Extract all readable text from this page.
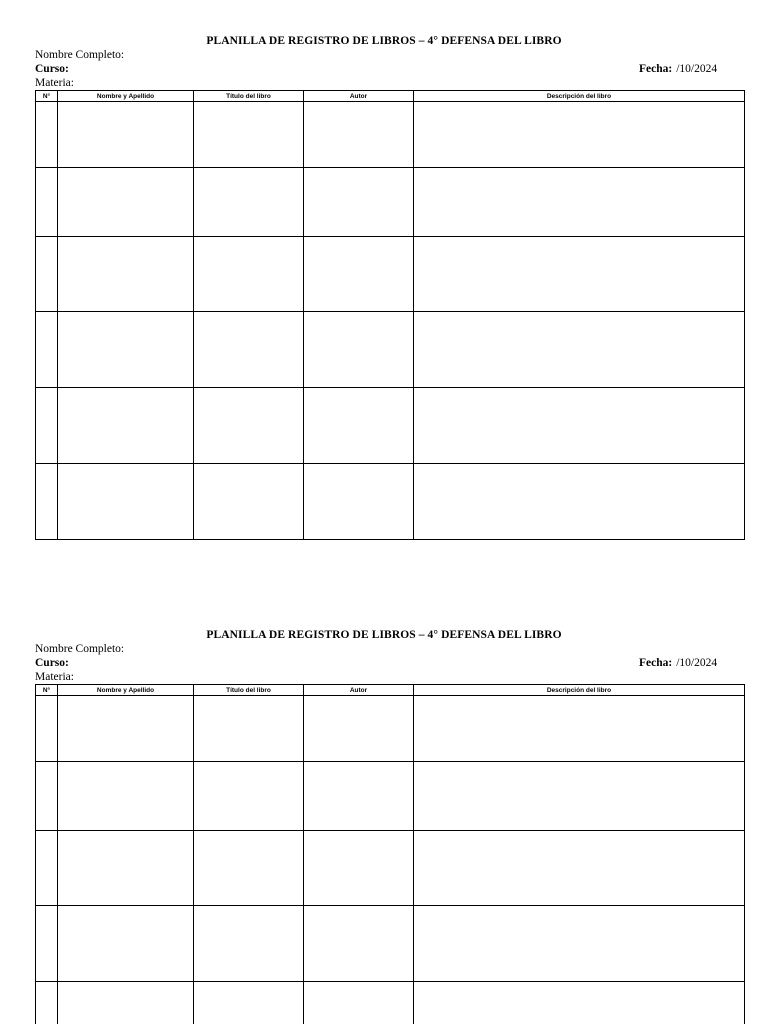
PLANILLA DE REGISTRO DE LIBROS – 4° DEFENSA DEL LIBRO
Nombre Completo:
Curso:
Materia:
Fecha: /10/2024
N°	Nombre y Apellido	Título del libro	Autor	Descripción del libro

PLANILLA DE REGISTRO DE LIBROS – 4° DEFENSA DEL LIBRO
Nombre Completo:
Curso:
Materia:
Fecha: /10/2024
N°	Nombre y Apellido	Título del libro	Autor	Descripción del libro
